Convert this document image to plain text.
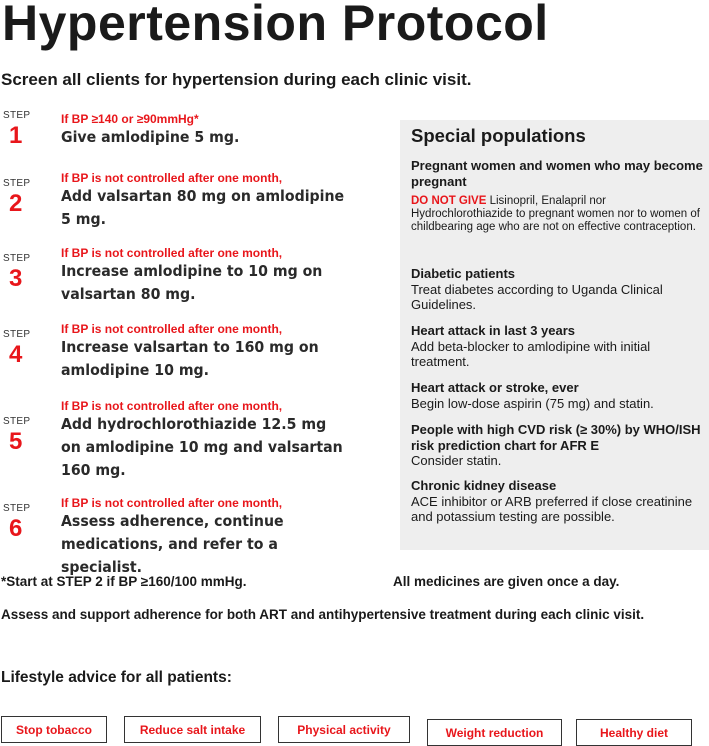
Hypertension Protocol
Screen all clients for hypertension during each clinic visit.
STEP
1
If BP ≥140 or ≥90mmHg*
Give amlodipine 5 mg.
STEP
2
If BP is not controlled after one month,
Add valsartan 80 mg on amlodipine 5 mg.
STEP
3
If BP is not controlled after one month,
Increase amlodipine to 10 mg on valsartan 80 mg.
STEP
4
If BP is not controlled after one month,
Increase valsartan to 160 mg on amlodipine 10 mg.
STEP
5
If BP is not controlled after one month,
Add hydrochlorothiazide 12.5 mg on amlodipine 10 mg and valsartan 160 mg.
STEP
6
If BP is not controlled after one month,
Assess adherence, continue medications, and refer to a specialist.
Special populations
Pregnant women and women who may become pregnant
DO NOT GIVE Lisinopril, Enalapril nor Hydrochlorothiazide to pregnant women nor to women of childbearing age who are not on effective contraception.
Diabetic patients
Treat diabetes according to Uganda Clinical Guidelines.
Heart attack in last 3 years
Add beta-blocker to amlodipine with initial treatment.
Heart attack or stroke, ever
Begin low-dose aspirin (75 mg) and statin.
People with high CVD risk (≥ 30%) by WHO/ISH risk prediction chart for AFR E
Consider statin.
Chronic kidney disease
ACE inhibitor or ARB preferred if close creatinine and potassium testing are possible.
*Start at STEP 2 if BP ≥160/100 mmHg.	All medicines are given once a day.
Assess and support adherence for both ART and antihypertensive treatment during each clinic visit.
Lifestyle advice for all patients:
Stop tobacco	Reduce salt intake	Physical activity	Weight reduction	Healthy diet
